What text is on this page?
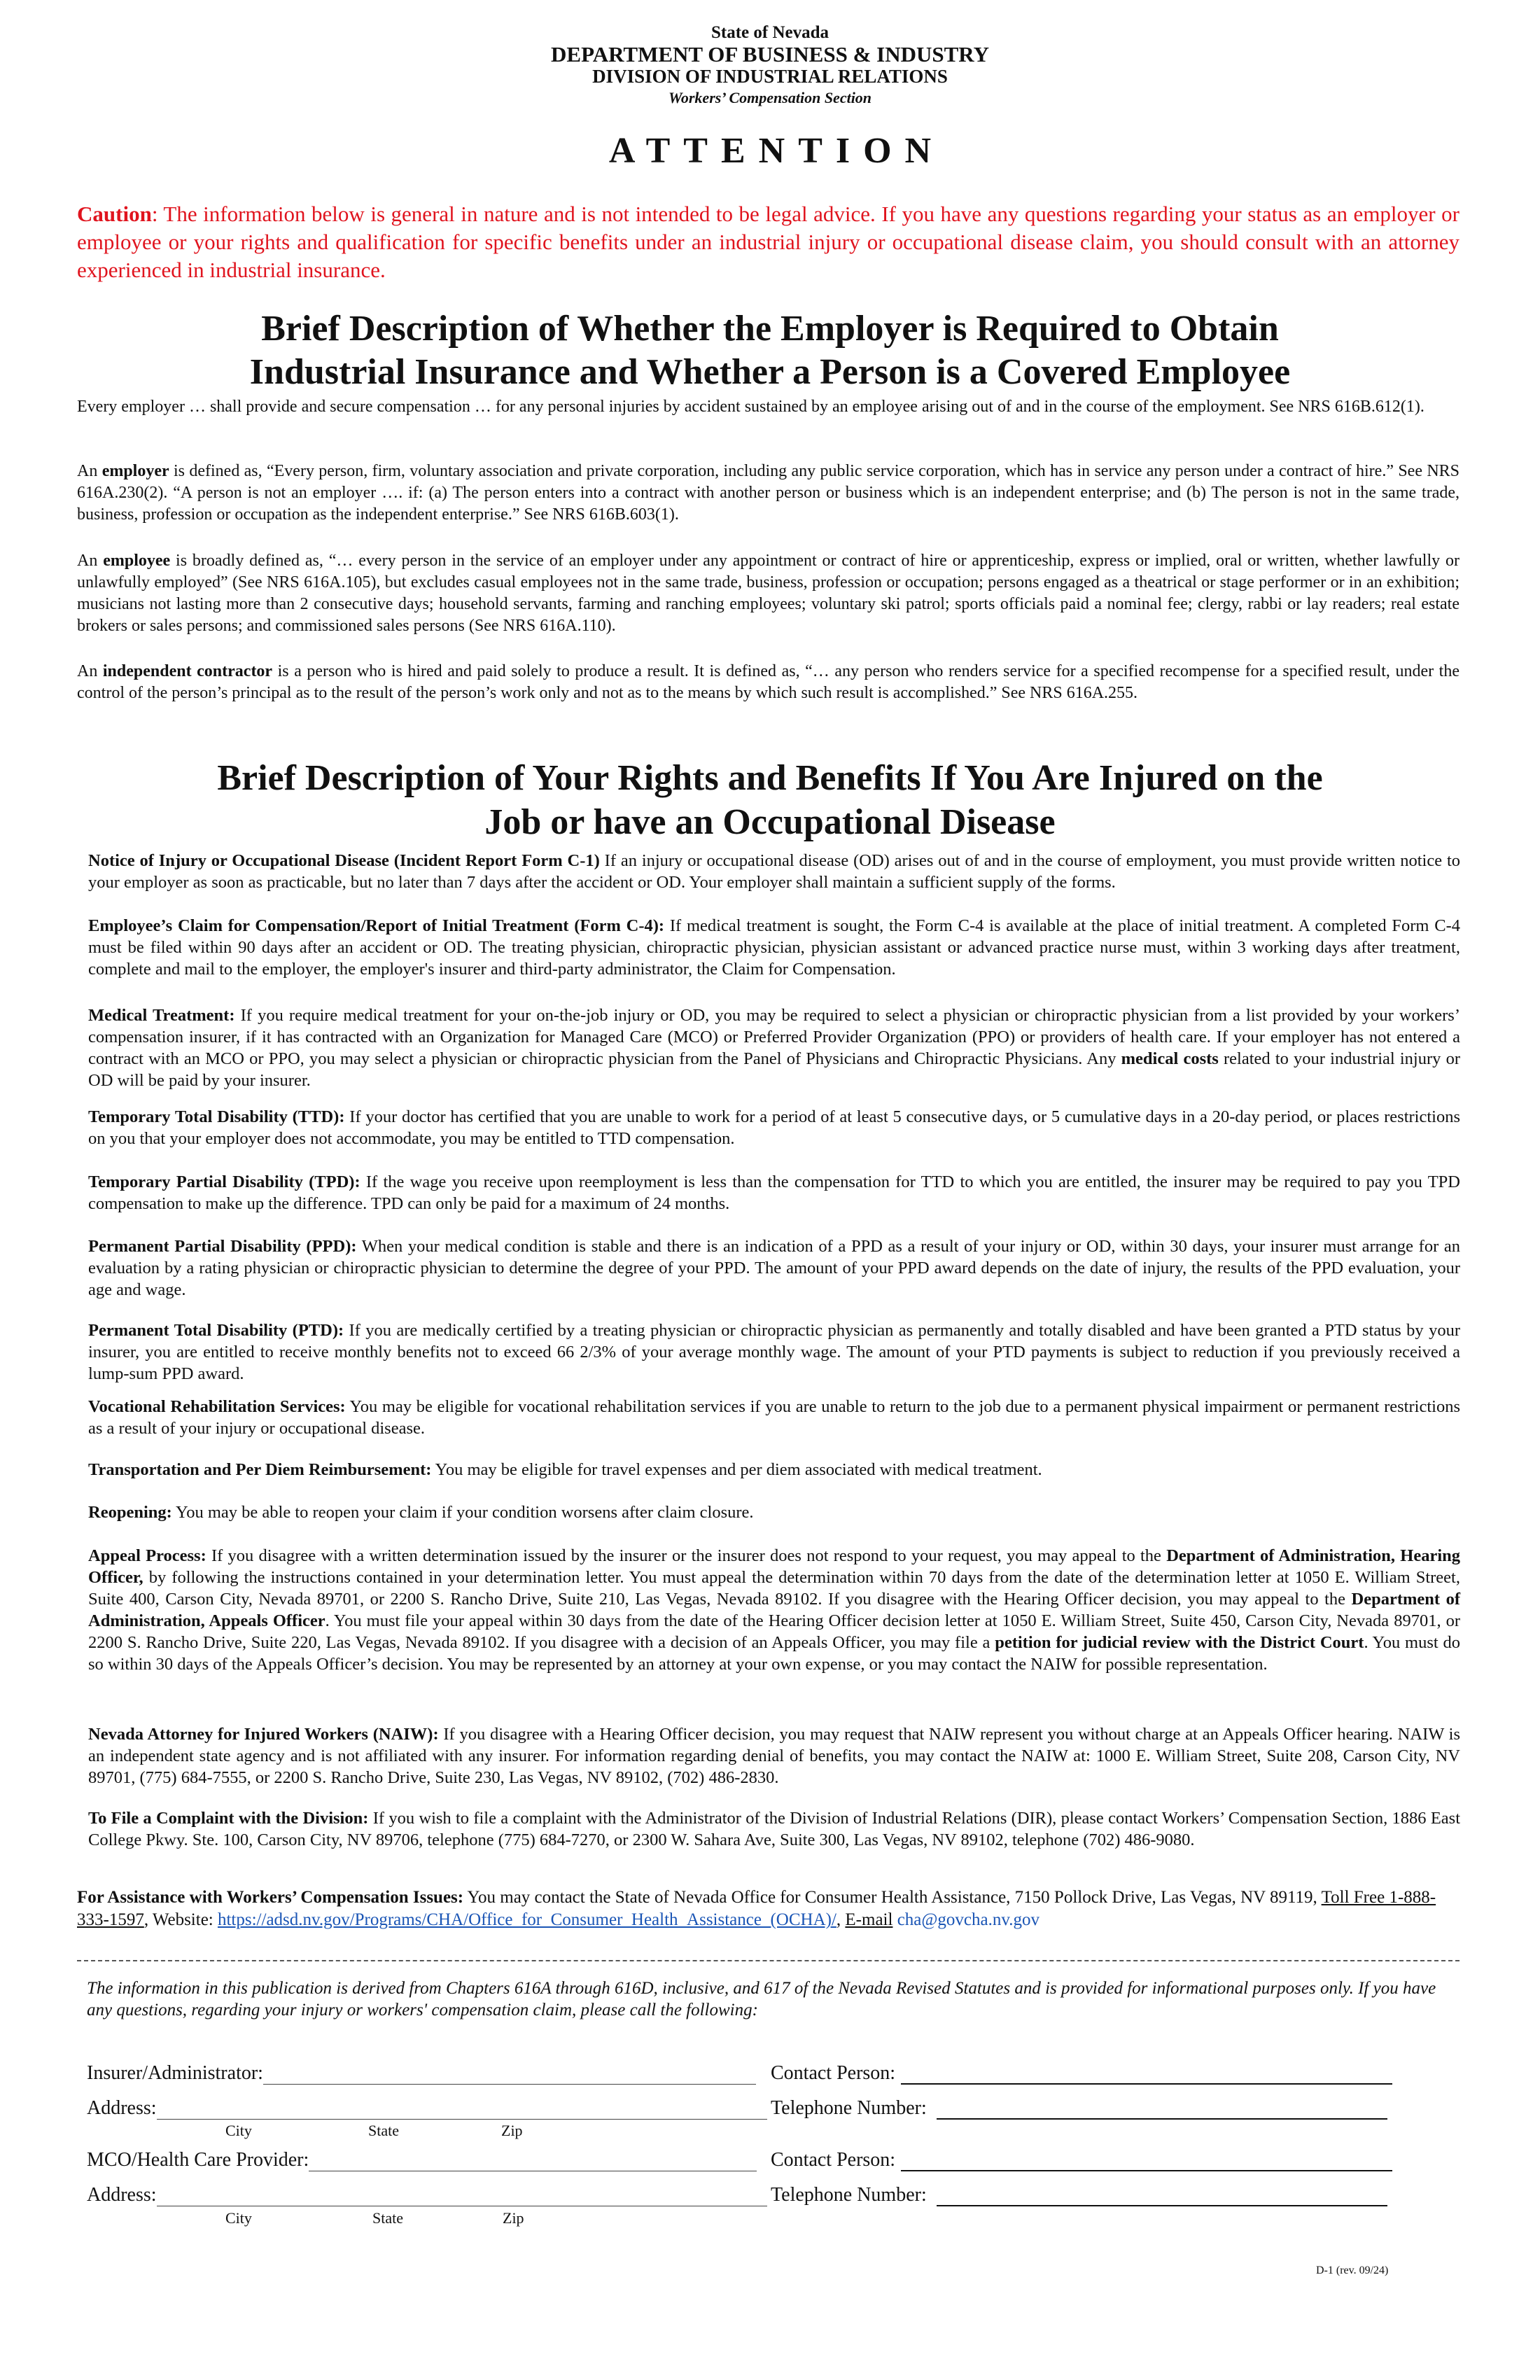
State of Nevada
DEPARTMENT OF BUSINESS & INDUSTRY
DIVISION OF INDUSTRIAL RELATIONS
Workers’ Compensation Section
ATTENTION
Caution: The information below is general in nature and is not intended to be legal advice. If you have any questions regarding your status as an employer or employee or your rights and qualification for specific benefits under an industrial injury or occupational disease claim, you should consult with an attorney experienced in industrial insurance.
Brief Description of Whether the Employer is Required to Obtain
Industrial Insurance and Whether a Person is a Covered Employee
Every employer … shall provide and secure compensation … for any personal injuries by accident sustained by an employee arising out of and in the course of the employment. See NRS 616B.612(1).
An employer is defined as, “Every person, firm, voluntary association and private corporation, including any public service corporation, which has in service any person under a contract of hire.” See NRS 616A.230(2). “A person is not an employer …. if: (a) The person enters into a contract with another person or business which is an independent enterprise; and (b) The person is not in the same trade, business, profession or occupation as the independent enterprise.” See NRS 616B.603(1).
An employee is broadly defined as, “… every person in the service of an employer under any appointment or contract of hire or apprenticeship, express or implied, oral or written, whether lawfully or unlawfully employed” (See NRS 616A.105), but excludes casual employees not in the same trade, business, profession or occupation; persons engaged as a theatrical or stage performer or in an exhibition; musicians not lasting more than 2 consecutive days; household servants, farming and ranching employees; voluntary ski patrol; sports officials paid a nominal fee; clergy, rabbi or lay readers; real estate brokers or sales persons; and commissioned sales persons (See NRS 616A.110).
An independent contractor is a person who is hired and paid solely to produce a result. It is defined as, “… any person who renders service for a specified recompense for a specified result, under the control of the person’s principal as to the result of the person’s work only and not as to the means by which such result is accomplished.” See NRS 616A.255.
Brief Description of Your Rights and Benefits If You Are Injured on the
Job or have an Occupational Disease
Notice of Injury or Occupational Disease (Incident Report Form C-1) If an injury or occupational disease (OD) arises out of and in the course of employment, you must provide written notice to your employer as soon as practicable, but no later than 7 days after the accident or OD. Your employer shall maintain a sufficient supply of the forms.
Employee’s Claim for Compensation/Report of Initial Treatment (Form C-4): If medical treatment is sought, the Form C-4 is available at the place of initial treatment. A completed Form C-4 must be filed within 90 days after an accident or OD. The treating physician, chiropractic physician, physician assistant or advanced practice nurse must, within 3 working days after treatment, complete and mail to the employer, the employer's insurer and third-party administrator, the Claim for Compensation.
Medical Treatment: If you require medical treatment for your on-the-job injury or OD, you may be required to select a physician or chiropractic physician from a list provided by your workers’ compensation insurer, if it has contracted with an Organization for Managed Care (MCO) or Preferred Provider Organization (PPO) or providers of health care. If your employer has not entered a contract with an MCO or PPO, you may select a physician or chiropractic physician from the Panel of Physicians and Chiropractic Physicians. Any medical costs related to your industrial injury or OD will be paid by your insurer.
Temporary Total Disability (TTD): If your doctor has certified that you are unable to work for a period of at least 5 consecutive days, or 5 cumulative days in a 20-day period, or places restrictions on you that your employer does not accommodate, you may be entitled to TTD compensation.
Temporary Partial Disability (TPD): If the wage you receive upon reemployment is less than the compensation for TTD to which you are entitled, the insurer may be required to pay you TPD compensation to make up the difference. TPD can only be paid for a maximum of 24 months.
Permanent Partial Disability (PPD): When your medical condition is stable and there is an indication of a PPD as a result of your injury or OD, within 30 days, your insurer must arrange for an evaluation by a rating physician or chiropractic physician to determine the degree of your PPD. The amount of your PPD award depends on the date of injury, the results of the PPD evaluation, your age and wage.
Permanent Total Disability (PTD): If you are medically certified by a treating physician or chiropractic physician as permanently and totally disabled and have been granted a PTD status by your insurer, you are entitled to receive monthly benefits not to exceed 66 2/3% of your average monthly wage. The amount of your PTD payments is subject to reduction if you previously received a lump-sum PPD award.
Vocational Rehabilitation Services: You may be eligible for vocational rehabilitation services if you are unable to return to the job due to a permanent physical impairment or permanent restrictions as a result of your injury or occupational disease.
Transportation and Per Diem Reimbursement: You may be eligible for travel expenses and per diem associated with medical treatment.
Reopening: You may be able to reopen your claim if your condition worsens after claim closure.
Appeal Process: If you disagree with a written determination issued by the insurer or the insurer does not respond to your request, you may appeal to the Department of Administration, Hearing Officer, by following the instructions contained in your determination letter. You must appeal the determination within 70 days from the date of the determination letter at 1050 E. William Street, Suite 400, Carson City, Nevada 89701, or 2200 S. Rancho Drive, Suite 210, Las Vegas, Nevada 89102. If you disagree with the Hearing Officer decision, you may appeal to the Department of Administration, Appeals Officer. You must file your appeal within 30 days from the date of the Hearing Officer decision letter at 1050 E. William Street, Suite 450, Carson City, Nevada 89701, or 2200 S. Rancho Drive, Suite 220, Las Vegas, Nevada 89102. If you disagree with a decision of an Appeals Officer, you may file a petition for judicial review with the District Court. You must do so within 30 days of the Appeals Officer’s decision. You may be represented by an attorney at your own expense, or you may contact the NAIW for possible representation.
Nevada Attorney for Injured Workers (NAIW): If you disagree with a Hearing Officer decision, you may request that NAIW represent you without charge at an Appeals Officer hearing. NAIW is an independent state agency and is not affiliated with any insurer. For information regarding denial of benefits, you may contact the NAIW at: 1000 E. William Street, Suite 208, Carson City, NV 89701, (775) 684-7555, or 2200 S. Rancho Drive, Suite 230, Las Vegas, NV 89102, (702) 486-2830.
To File a Complaint with the Division: If you wish to file a complaint with the Administrator of the Division of Industrial Relations (DIR), please contact Workers’ Compensation Section, 1886 East College Pkwy. Ste. 100, Carson City, NV 89706, telephone (775) 684-7270, or 2300 W. Sahara Ave, Suite 300, Las Vegas, NV 89102, telephone (702) 486-9080.
For Assistance with Workers’ Compensation Issues: You may contact the State of Nevada Office for Consumer Health Assistance, 7150 Pollock Drive, Las Vegas, NV 89119, Toll Free 1-888-333-1597, Website: https://adsd.nv.gov/Programs/CHA/Office_for_Consumer_Health_Assistance_(OCHA)/, E-mail cha@govcha.nv.gov
The information in this publication is derived from Chapters 616A through 616D, inclusive, and 617 of the Nevada Revised Statutes and is provided for informational purposes only. If you have any questions, regarding your injury or workers' compensation claim, please call the following:
Insurer/Administrator:	Contact Person:
Address:	Telephone Number:
City	State	Zip
MCO/Health Care Provider:	Contact Person:
Address:	Telephone Number:
City	State	Zip
D-1 (rev. 09/24)
